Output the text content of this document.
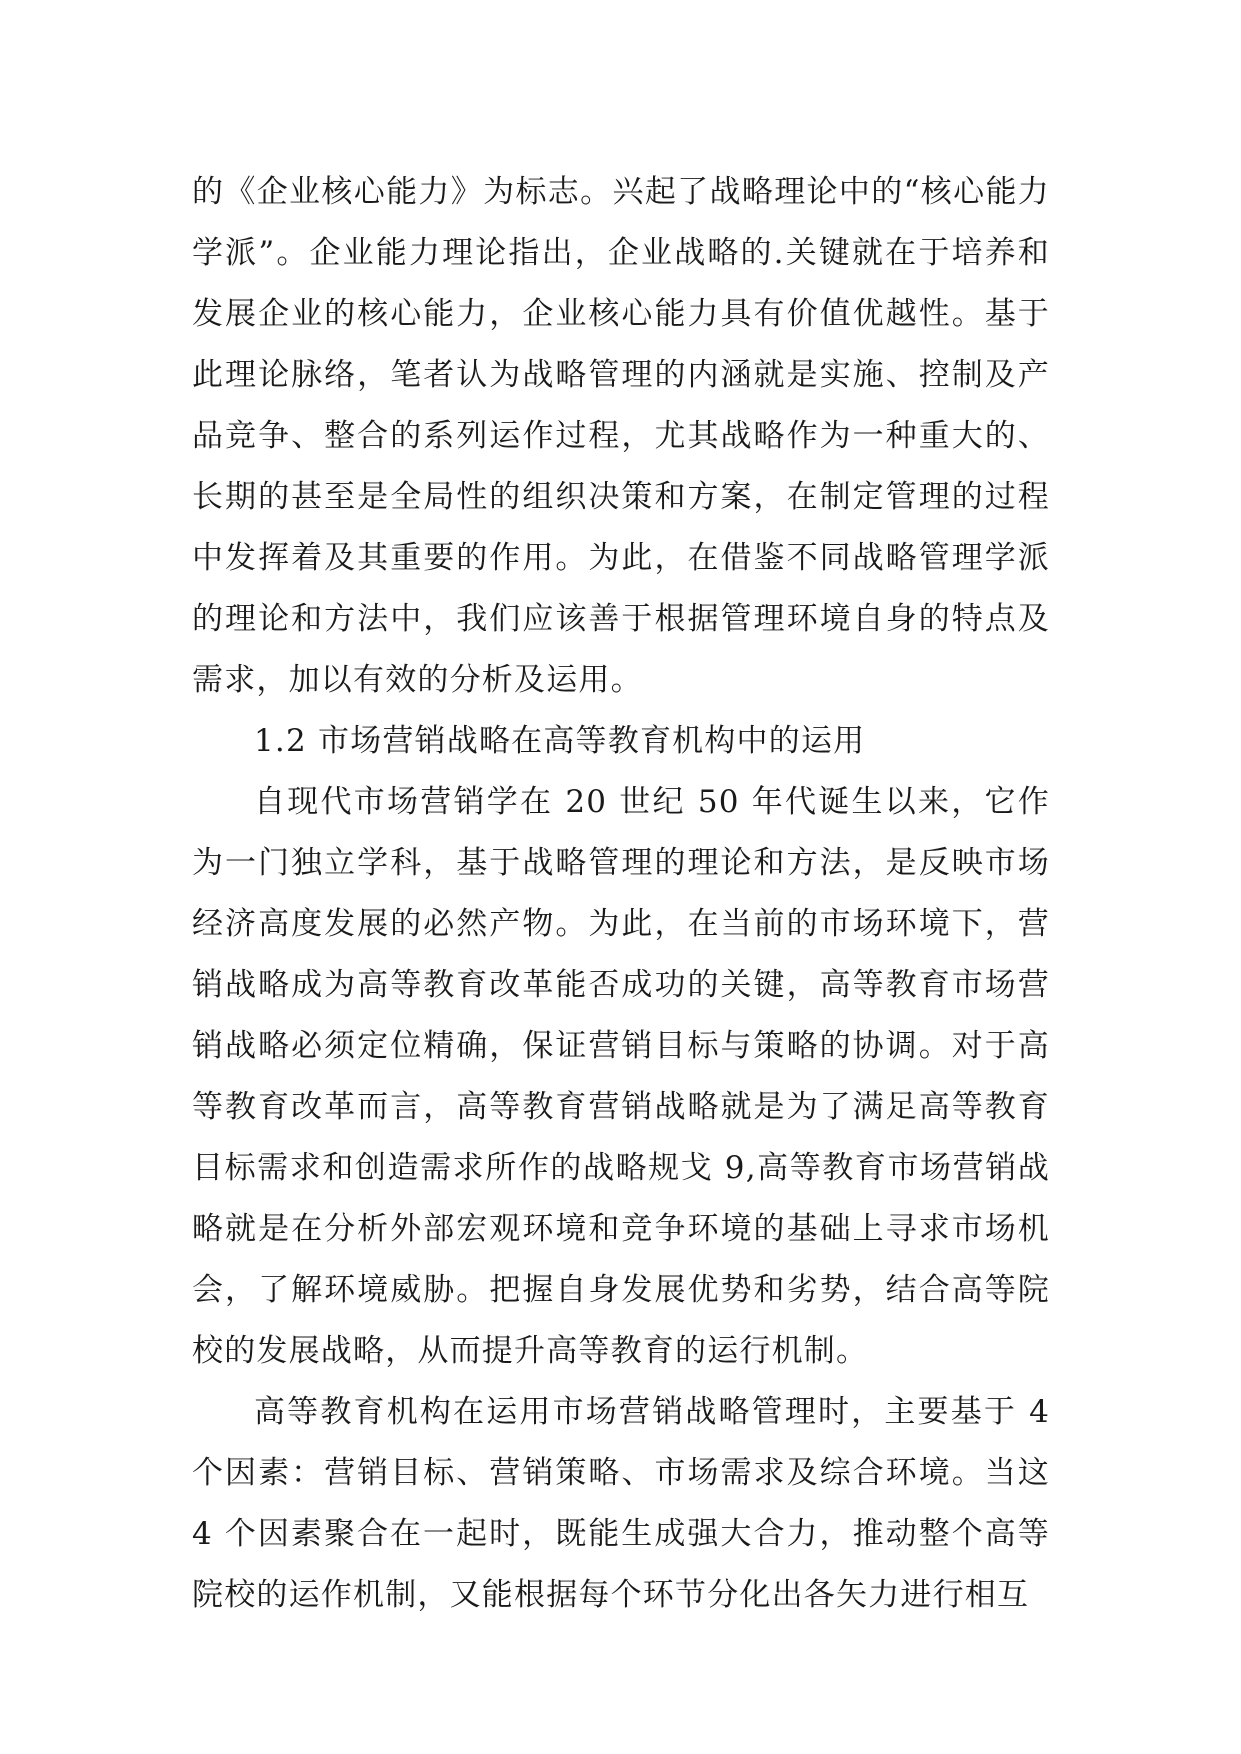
的《企业核心能力》为标志。兴起了战略理论中的“核心能力学派”。企业能力理论指出，企业战略的.关键就在于培养和发展企业的核心能力，企业核心能力具有价值优越性。基于此理论脉络，笔者认为战略管理的内涵就是实施、控制及产品竞争、整合的系列运作过程，尤其战略作为一种重大的、长期的甚至是全局性的组织决策和方案，在制定管理的过程中发挥着及其重要的作用。为此，在借鉴不同战略管理学派的理论和方法中，我们应该善于根据管理环境自身的特点及需求，加以有效的分析及运用。

1.2 市场营销战略在高等教育机构中的运用

自现代市场营销学在 20 世纪 50 年代诞生以来，它作为一门独立学科，基于战略管理的理论和方法，是反映市场经济高度发展的必然产物。为此，在当前的市场环境下，营销战略成为高等教育改革能否成功的关键，高等教育市场营销战略必须定位精确，保证营销目标与策略的协调。对于高等教育改革而言，高等教育营销战略就是为了满足高等教育目标需求和创造需求所作的战略规戈 9,高等教育市场营销战略就是在分析外部宏观环境和竞争环境的基础上寻求市场机会，了解环境威胁。把握自身发展优势和劣势，结合高等院校的发展战略，从而提升高等教育的运行机制。

高等教育机构在运用市场营销战略管理时，主要基于 4 个因素：营销目标、营销策略、市场需求及综合环境。当这 4 个因素聚合在一起时，既能生成强大合力，推动整个高等院校的运作机制，又能根据每个环节分化出各矢力进行相互
